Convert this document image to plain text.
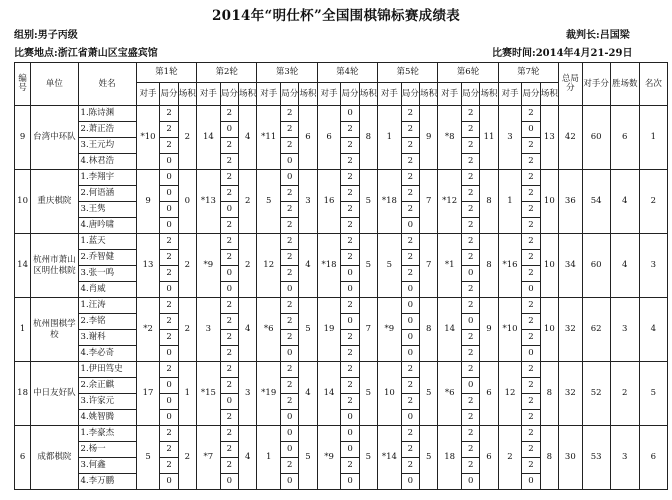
2014年“明仕杯”全国围棋锦标赛成绩表
组别:男子丙级	裁判长:吕国梁
比赛地点:浙江省萧山区宝盛宾馆	比赛时间:2014年4月21-29日
编号	单位	姓名	第1轮			第2轮			第3轮			第4轮			第5轮			第6轮			第7轮			总局分	对手分	胜场数	名次
			对手	局分	场积	对手	局分	场积	对手	局分	场积	对手	局分	场积	对手	局分	场积	对手	局分	场积	对手	局分	场积				
9	台湾中环队	1.陈诗渊	*10	2	2	14	2	4	*11	2	6	6	0	8	1	2	9	*8	2	11	3	2	13	42	60	6	1
		2.萧正浩		2			0			2			2			2			2			0					
		3.王元均		2			2			2			2			2			2			2					
		4.林君浩		0			2			0			2			2			2			2					
10	重庆棋院	1.李翔宇	9	0	0	*13	2	2	5	0	3	16	2	5	*18	2	7	*12	2	8	1	2	10	36	54	4	2
		2.何语涵		0			2			2			2			2			2			2					
		3.王隽		0			0			2			2			2			2			2					
		4.唐吟啸		0			2			2			2			0			2			2					
14	杭州市萧山区明仕棋院	1.蓝天	13	2	2	*9	2	2	12	2	4	*18	2	5	5	2	7	*1	2	8	*16	2	10	34	60	4	3
		2.乔智健		2			2			2			2			2			2			2					
		3.张一鸣		2			0			2			0			2			0			2					
		4.肖威		0			0			0			0			0			2			0					
1	杭州围棋学校	1.汪涛	*2	2	2	3	2	4	*6	2	5	19	2	7	*9	0	8	14	2	9	*10	2	10	32	62	3	4
		2.李铭		2			2			2			0			0			0			2					
		3.谢科		2			2			2			2			0			2			2					
		4.李必奇		0			2			0			2			0			2			0					
18	中日友好队	1.伊田笃史	17	2	1	*15	2	3	*19	2	4	14	2	5	10	2	5	*6	2	6	12	2	8	32	52	2	5
		2.余正麒		0			2			2			2			2			0			2					
		3.许家元		0			0			2			2			2			2			2					
		4.姚智腾		0			2			0			0			0			2			2					
6	成都棋院	1.李豪杰	5	2	2	*7	2	4	1	0	5	*9	0	5	*14	2	5	18	2	6	2	2	8	30	53	3	6
		2.杨一		2			2			0			0			2			2			2					
		3.何鑫		2			2			2			2			2			2			2					
		4.李万鹏		0			0			0			0			0			0			0					
